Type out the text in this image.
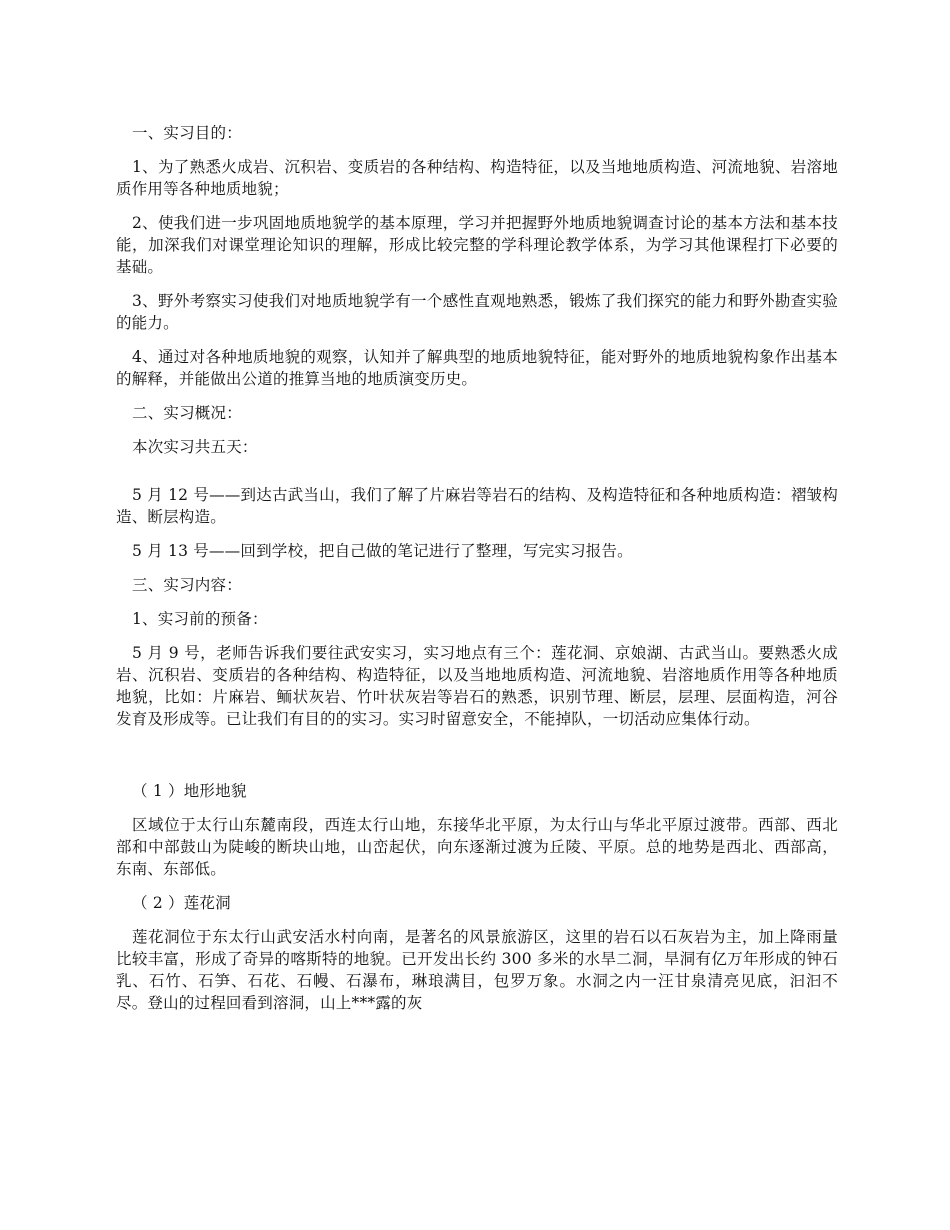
一、实习目的：

1、为了熟悉火成岩、沉积岩、变质岩的各种结构、构造特征，以及当地地质构造、河流地貌、岩溶地质作用等各种地质地貌；

2、使我们进一步巩固地质地貌学的基本原理，学习并把握野外地质地貌调查讨论的基本方法和基本技能，加深我们对课堂理论知识的理解，形成比较完整的学科理论教学体系，为学习其他课程打下必要的基础。

3、野外考察实习使我们对地质地貌学有一个感性直观地熟悉，锻炼了我们探究的能力和野外勘查实验的能力。

4、通过对各种地质地貌的观察，认知并了解典型的地质地貌特征，能对野外的地质地貌构象作出基本的解释，并能做出公道的推算当地的地质演变历史。

二、实习概况：

本次实习共五天：

5 月 12 号——到达古武当山，我们了解了片麻岩等岩石的结构、及构造特征和各种地质构造：褶皱构造、断层构造。

5 月 13 号——回到学校，把自己做的笔记进行了整理，写完实习报告。

三、实习内容：

1、实习前的预备：

5 月 9 号，老师告诉我们要往武安实习，实习地点有三个：莲花洞、京娘湖、古武当山。要熟悉火成岩、沉积岩、变质岩的各种结构、构造特征，以及当地地质构造、河流地貌、岩溶地质作用等各种地质地貌，比如：片麻岩、鲕状灰岩、竹叶状灰岩等岩石的熟悉，识别节理、断层，层理、层面构造，河谷发育及形成等。已让我们有目的的实习。实习时留意安全，不能掉队，一切活动应集体行动。

（ 1 ）地形地貌

区域位于太行山东麓南段，西连太行山地，东接华北平原，为太行山与华北平原过渡带。西部、西北部和中部鼓山为陡峻的断块山地，山峦起伏，向东逐渐过渡为丘陵、平原。总的地势是西北、西部高，东南、东部低。

（ 2 ）莲花洞

莲花洞位于东太行山武安活水村向南，是著名的风景旅游区，这里的岩石以石灰岩为主，加上降雨量比较丰富，形成了奇异的喀斯特的地貌。已开发出长约 300 多米的水旱二洞，旱洞有亿万年形成的钟石乳、石竹、石笋、石花、石幔、石瀑布，琳琅满目，包罗万象。水洞之内一汪甘泉清亮见底，汩汩不尽。登山的过程回看到溶洞，山上***露的灰
